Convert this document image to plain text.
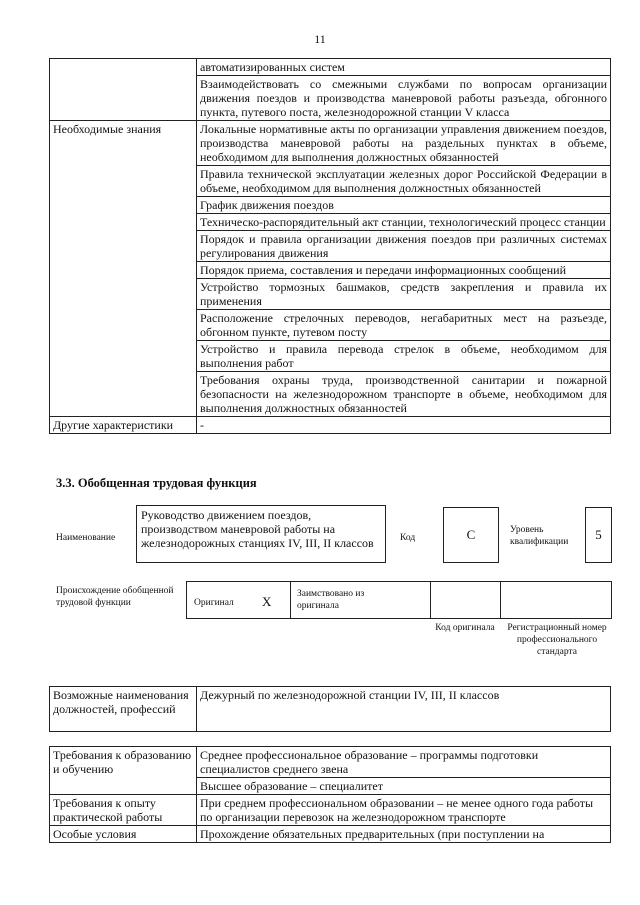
11
	автоматизированных систем
	Взаимодействовать со смежными службами по вопросам организации движения поездов и производства маневровой работы разъезда, обгонного пункта, путевого поста, железнодорожной станции V класса
Необходимые знания	Локальные нормативные акты по организации управления движением поездов, производства маневровой работы на раздельных пунктах в объеме, необходимом для выполнения должностных обязанностей
	Правила технической эксплуатации железных дорог Российской Федерации в объеме, необходимом для выполнения должностных обязанностей
	График движения поездов
	Техническо-распорядительный акт станции, технологический процесс станции
	Порядок и правила организации движения поездов при различных системах регулирования движения
	Порядок приема, составления и передачи информационных сообщений
	Устройство тормозных башмаков, средств закрепления и правила их применения
	Расположение стрелочных переводов, негабаритных мест на разъезде, обгонном пункте, путевом посту
	Устройство и правила перевода стрелок в объеме, необходимом для выполнения работ
	Требования охраны труда, производственной санитарии и пожарной безопасности на железнодорожном транспорте в объеме, необходимом для выполнения должностных обязанностей
Другие характеристики	-
3.3. Обобщенная трудовая функция
Наименование
Руководство движением поездов, производством маневровой работы на железнодорожных станциях IV, III, II классов	Код	C	Уровень квалификации	5
Происхождение обобщенной трудовой функции	Оригинал X	Заимствовано из оригинала
Код оригинала	Регистрационный номер профессионального стандарта
Возможные наименования должностей, профессий	Дежурный по железнодорожной станции IV, III, II классов
Требования к образованию и обучению	Среднее профессиональное образование – программы подготовки специалистов среднего звена
	Высшее образование – специалитет
Требования к опыту практической работы	При среднем профессиональном образовании – не менее одного года работы по организации перевозок на железнодорожном транспорте
Особые условия	Прохождение обязательных предварительных (при поступлении на
